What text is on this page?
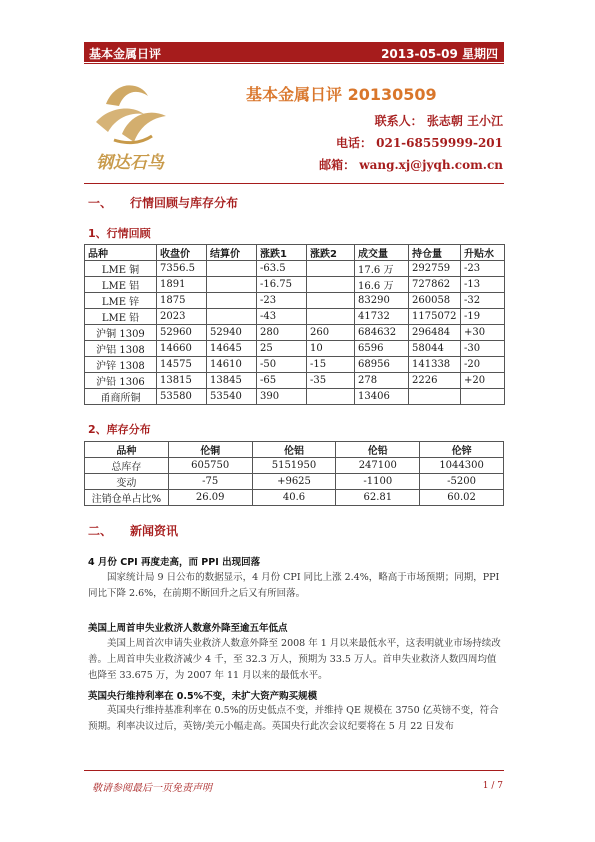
基本金属日评	2013-05-09 星期四
钢达石鸟
基本金属日评 20130509
联系人： 张志朝 王小江
电话： 021-68559999-201
邮箱： wang.xj@jyqh.com.cn
一、 行情回顾与库存分布
1、行情回顾
品种	收盘价	结算价	涨跌1	涨跌2	成交量	持仓量	升贴水
LME 铜	7356.5		-63.5		17.6 万	292759	-23
LME 铝	1891		-16.75		16.6 万	727862	-13
LME 锌	1875		-23		83290	260058	-32
LME 铅	2023		-43		41732	1175072	-19
沪铜 1309	52960	52940	280	260	684632	296484	+30
沪铝 1308	14660	14645	25	10	6596	58044	-30
沪锌 1308	14575	14610	-50	-15	68956	141338	-20
沪铅 1306	13815	13845	-65	-35	278	2226	+20
甬商所铜	53580	53540	390		13406		
2、库存分布
品种	伦铜	伦铝	伦铅	伦锌
总库存	605750	5151950	247100	1044300
变动	-75	+9625	-1100	-5200
注销仓单占比%	26.09	40.6	62.81	60.02
二、 新闻资讯
4 月份 CPI 再度走高，而 PPI 出现回落
国家统计局 9 日公布的数据显示，4 月份 CPI 同比上涨 2.4%，略高于市场预期；同期，PPI 同比下降 2.6%，在前期不断回升之后又有所回落。
美国上周首申失业救济人数意外降至逾五年低点
美国上周首次申请失业救济人数意外降至 2008 年 1 月以来最低水平，这表明就业市场持续改善。上周首申失业救济减少 4 千，至 32.3 万人，预期为 33.5 万人。首申失业救济人数四周均值也降至 33.675 万，为 2007 年 11 月以来的最低水平。
英国央行维持利率在 0.5%不变，未扩大资产购买规模
英国央行维持基准利率在 0.5%的历史低点不变，并维持 QE 规模在 3750 亿英镑不变，符合预期。利率决议过后，英镑/美元小幅走高。英国央行此次会议纪要将在 5 月 22 日发布
敬请参阅最后一页免责声明	1 / 7
